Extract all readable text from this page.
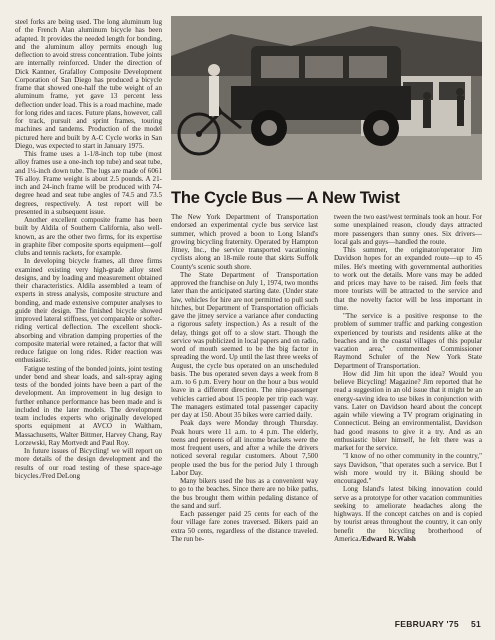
steel forks are being used. The long aluminum lug of the French Alan aluminum bicycle has been adapted. It provides the needed length for bonding, and the aluminum alloy permits enough lug deflection to avoid stress concentration. Tube joints are internally reinforced. Under the direction of Dick Kantner, Grafalloy Composite Development Corporation of San Diego has produced a bicycle frame that showed one-half the tube weight of an aluminum frame, yet gave 13 percent less deflection under load. This is a road machine, made for long rides and races. Future plans, however, call for track, pursuit and sprint frames, touring machines and tandems. Production of the model pictured here and built by A-C Cycle works in San Diego, was expected to start in January 1975.

This frame uses a 1-1/8-inch top tube (most alloy frames use a one-inch top tube) and seat tube, and 1¼-inch down tube. The lugs are made of 6061 T6 alloy. Frame weight is about 2.5 pounds. A 21-inch and 24-inch frame will be produced with 74-degree head and seat tube angles of 74.5 and 73.5 degrees, respectively. A test report will be presented in a subsequent issue.

Another excellent composite frame has been built by Aldila of Southern California, also well-known, as are the other two firms, for its expertise in graphite fiber composite sports equipment—golf clubs and tennis rackets, for example.

In developing bicycle frames, all three firms examined existing very high-grade alloy steel designs, and by loading and measurement obtained their characteristics. Aldila assembled a team of experts in stress analysis, composite structure and bonding, and made extensive computer analyses to guide their design. The finished bicycle showed improved lateral stiffness, yet comparable or softer-riding vertical deflection. The excellent shock-absorbing and vibration damping properties of the composite material were retained, a factor that will reduce fatigue on long rides. Rider reaction was enthusiastic.

Fatigue testing of the bonded joints, joint testing under bend and shear loads, and salt-spray aging tests of the bonded joints have been a part of the development. An improvement in lug design to further enhance performance has been made and is included in the later models. The development team includes experts who originally developed sports equipment at AVCO in Waltham, Massachusetts, Walter Bittmer, Harvey Chang, Ray Lorzewski, Ray Mortvedt and Paul Roy.

In future issues of Bicycling! we will report on more details of the design development and the results of our road testing of these space-age bicycles./Fred DeLong

The Cycle Bus — A New Twist

The New York Department of Transportation endorsed an experimental cycle bus service last summer, which proved a boon to Long Island's growing bicycling fraternity. Operated by Hampton Jitney, Inc., the service transported vacationing cyclists along an 18-mile route that skirts Suffolk County's scenic south shore.

The State Department of Transportation approved the franchise on July 1, 1974, two months later than the anticipated starting date. (Under state law, vehicles for hire are not permitted to pull such hitches, but Department of Transportation officials gave the jitney service a variance after conducting a rigorous safety inspection.) As a result of the delay, things got off to a slow start. Though the service was publicized in local papers and on radio, word of mouth seemed to be the big factor in spreading the word. Up until the last three weeks of August, the cycle bus operated on an unscheduled basis. The bus operated seven days a week from 8 a.m. to 6 p.m. Every hour on the hour a bus would leave in a different direction. The nine-passenger vehicles carried about 15 people per trip each way. The managers estimated total passenger capacity per day at 150. About 35 bikes were carried daily.

Peak days were Monday through Thursday. Peak hours were 11 a.m. to 4 p.m. The elderly, teens and preteens of all income brackets were the most frequent users, and after a while the drivers noticed several regular customers. About 7,500 people used the bus for the period July 1 through Labor Day.

Many bikers used the bus as a convenient way to go to the beaches. Since there are no bike paths, the bus brought them within pedaling distance of the sand and surf.

Each passenger paid 25 cents for each of the four village fare zones traversed. Bikers paid an extra 50 cents, regardless of the distance traveled. The run be-

tween the two east/west terminals took an hour. For some unexplained reason, cloudy days attracted more passengers than sunny ones. Six drivers—local gals and guys—handled the route.

This summer, the originator/operator Jim Davidson hopes for an expanded route—up to 45 miles. He's meeting with governmental authorities to work out the details. More vans may be added and prices may have to be raised. Jim feels that more tourists will be attracted to the service and that the novelty factor will be less important in time.

"The service is a positive response to the problem of summer traffic and parking congestion experienced by tourists and residents alike at the beaches and in the coastal villages of this popular vacation area," commented Commissioner Raymond Schuler of the New York State Department of Transportation.

How did Jim hit upon the idea? Would you believe Bicycling! Magazine? Jim reported that he read a suggestion in an old issue that it might be an energy-saving idea to use bikes in conjunction with vans. Later on Davidson heard about the concept again while viewing a TV program originating in Connecticut. Being an environmentalist, Davidson had good reasons to give it a try. And as an enthusiastic biker himself, he felt there was a market for the service.

"I know of no other community in the country," says Davidson, "that operates such a service. But I wish more would try it. Biking should be encouraged."

Long Island's latest biking innovation could serve as a prototype for other vacation communities seeking to ameliorate headaches along the highways. If the concept catches on and is copied by tourist areas throughout the country, it can only benefit the bicycling brotherhood of America./Edward R. Walsh

FEBRUARY '75 51
